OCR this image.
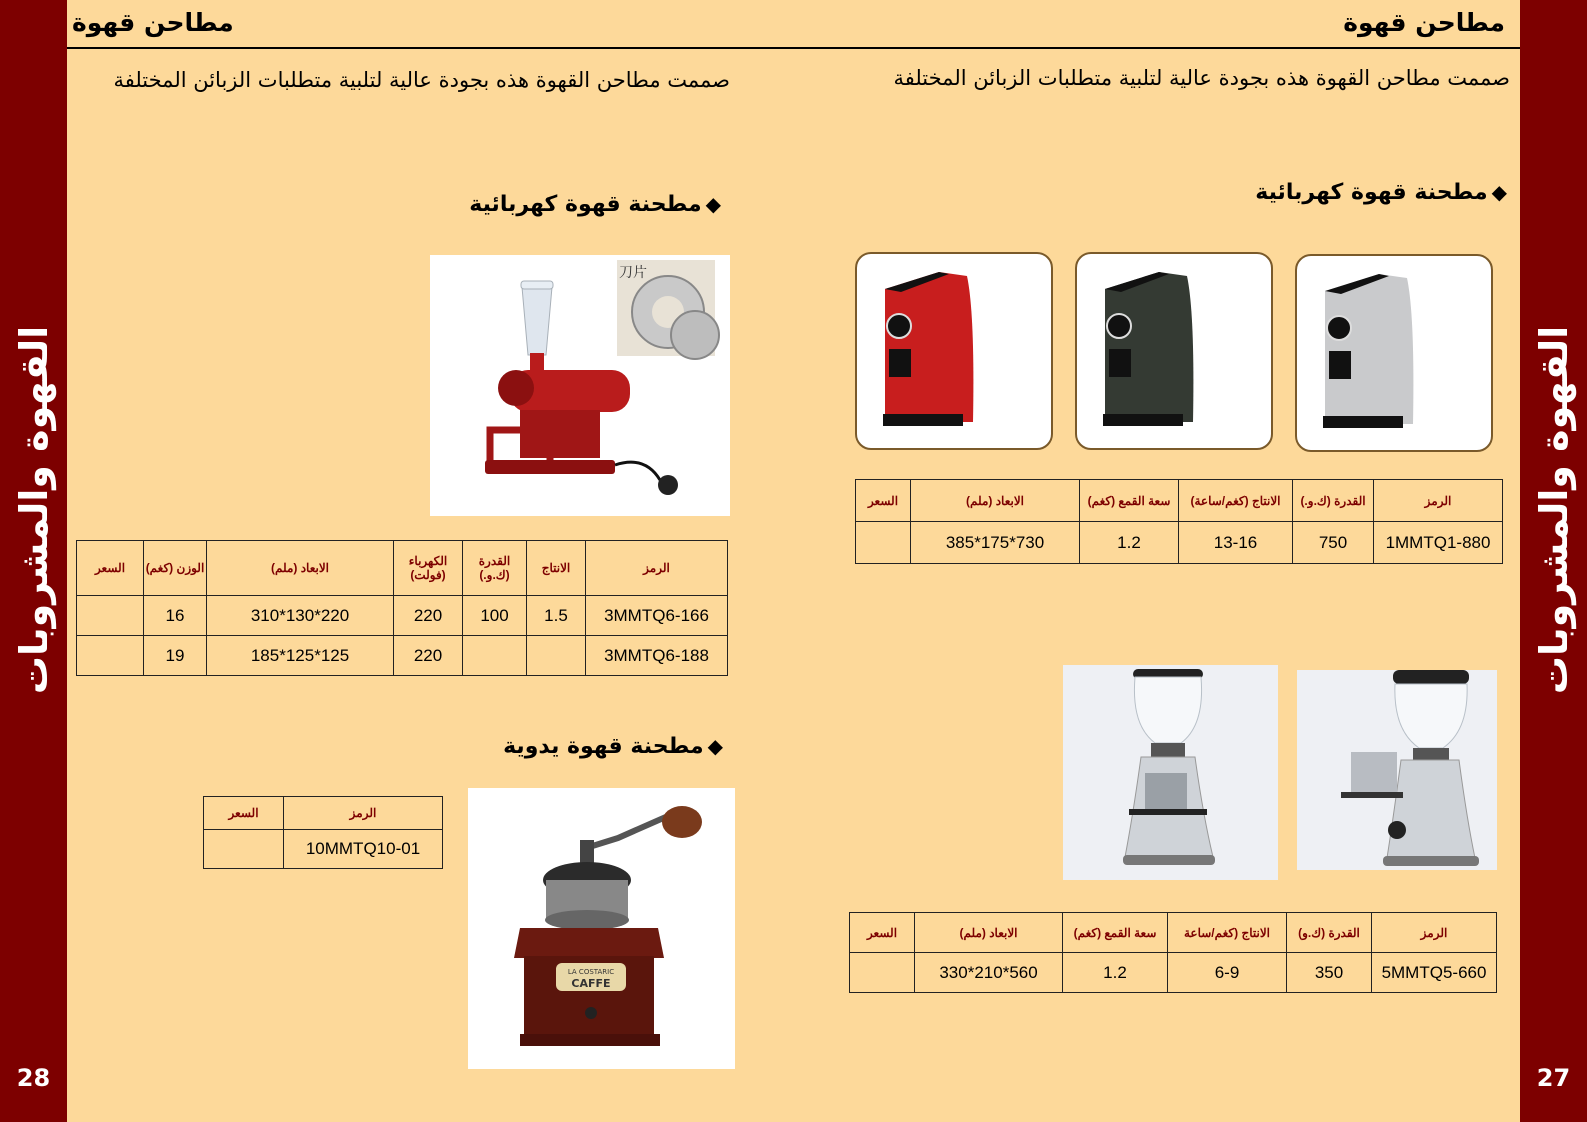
القهوة والمشروبات
28
القهوة والمشروبات
27
مطاحن قهوة	مطاحن قهوة
صممت مطاحن القهوة هذه بجودة عالية لتلبية متطلبات الزبائن المختلفة	صممت مطاحن القهوة هذه بجودة عالية لتلبية متطلبات الزبائن المختلفة
◆مطحنة قهوة كهربائية
刀片
الرمز	الانتاج	القدرة (ك.و.)	الكهرباء (فولت)	الابعاد (ملم)	الوزن (كغم)	السعر
3MMTQ6-166	1.5	100	220	220*130*310	16	
3MMTQ6-188			220	125*125*185	19	
◆مطحنة قهوة يدوية
الرمز	السعر
10MMTQ10-01	
LA COSTARIC
CAFFE
◆مطحنة قهوة كهربائية
الرمز	القدرة (ك.و.)	الانتاج (كغم/ساعة)	سعة القمع (كغم)	الابعاد (ملم)	السعر
1MMTQ1-880	750	13-16	1.2	730*175*385	
الرمز	القدرة (ك.و)	الانتاج (كغم/ساعة	سعة القمع (كغم)	الابعاد (ملم)	السعر
5MMTQ5-660	350	6-9	1.2	560*210*330	
